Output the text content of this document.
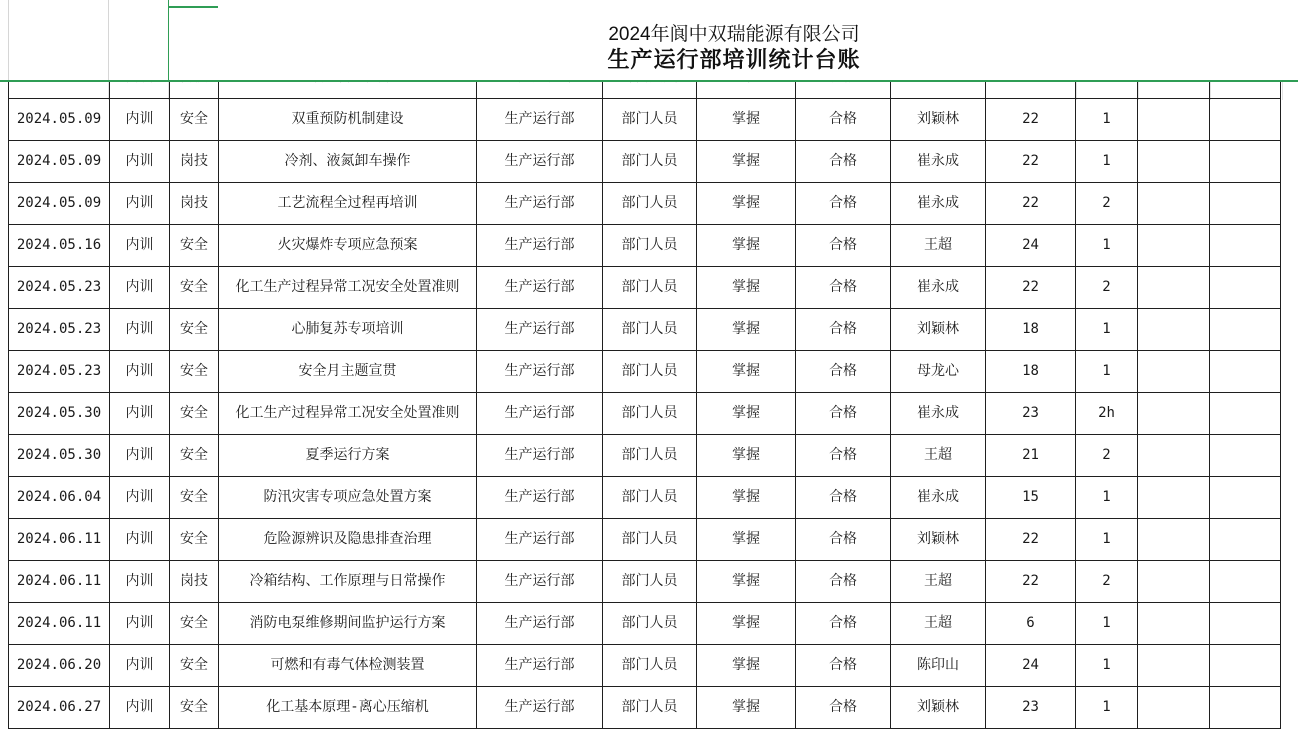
2024.05.09	内训	安全	双重预防机制建设	生产运行部	部门人员	掌握	合格	刘颖林	22	1		
2024.05.09	内训	岗技	冷剂、液氮卸车操作	生产运行部	部门人员	掌握	合格	崔永成	22	1		
2024.05.09	内训	岗技	工艺流程全过程再培训	生产运行部	部门人员	掌握	合格	崔永成	22	2		
2024.05.16	内训	安全	火灾爆炸专项应急预案	生产运行部	部门人员	掌握	合格	王超	24	1		
2024.05.23	内训	安全	化工生产过程异常工况安全处置准则	生产运行部	部门人员	掌握	合格	崔永成	22	2		
2024.05.23	内训	安全	心肺复苏专项培训	生产运行部	部门人员	掌握	合格	刘颖林	18	1		
2024.05.23	内训	安全	安全月主题宣贯	生产运行部	部门人员	掌握	合格	母龙心	18	1		
2024.05.30	内训	安全	化工生产过程异常工况安全处置准则	生产运行部	部门人员	掌握	合格	崔永成	23	2h		
2024.05.30	内训	安全	夏季运行方案	生产运行部	部门人员	掌握	合格	王超	21	2		
2024.06.04	内训	安全	防汛灾害专项应急处置方案	生产运行部	部门人员	掌握	合格	崔永成	15	1		
2024.06.11	内训	安全	危险源辨识及隐患排查治理	生产运行部	部门人员	掌握	合格	刘颖林	22	1		
2024.06.11	内训	岗技	冷箱结构、工作原理与日常操作	生产运行部	部门人员	掌握	合格	王超	22	2		
2024.06.11	内训	安全	消防电泵维修期间监护运行方案	生产运行部	部门人员	掌握	合格	王超	6	1		
2024.06.20	内训	安全	可燃和有毒气体检测装置	生产运行部	部门人员	掌握	合格	陈印山	24	1		
2024.06.27	内训	安全	化工基本原理-离心压缩机	生产运行部	部门人员	掌握	合格	刘颖林	23	1		
2024年阆中双瑞能源有限公司
生产运行部培训统计台账
